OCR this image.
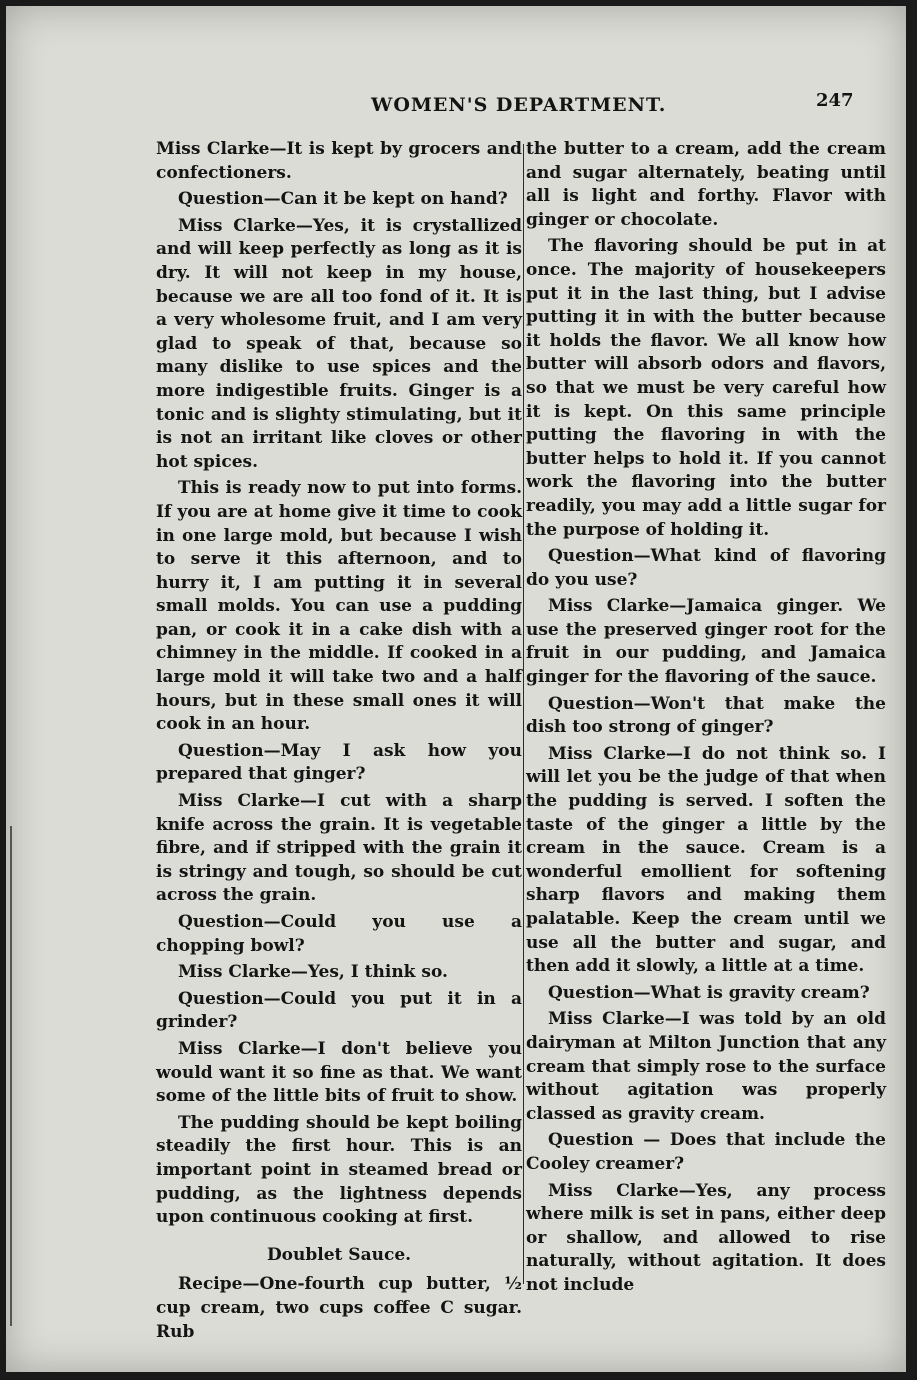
WOMEN'S DEPARTMENT.	247

Miss Clarke—It is kept by grocers and confectioners.

Question—Can it be kept on hand?

Miss Clarke—Yes, it is crystallized and will keep perfectly as long as it is dry. It will not keep in my house, because we are all too fond of it. It is a very wholesome fruit, and I am very glad to speak of that, because so many dislike to use spices and the more indigestible fruits. Ginger is a tonic and is slighty stimulating, but it is not an irritant like cloves or other hot spices.

This is ready now to put into forms. If you are at home give it time to cook in one large mold, but because I wish to serve it this afternoon, and to hurry it, I am putting it in several small molds. You can use a pudding pan, or cook it in a cake dish with a chimney in the middle. If cooked in a large mold it will take two and a half hours, but in these small ones it will cook in an hour.

Question—May I ask how you prepared that ginger?

Miss Clarke—I cut with a sharp knife across the grain. It is vegetable fibre, and if stripped with the grain it is stringy and tough, so should be cut across the grain.

Question—Could you use a chopping bowl?

Miss Clarke—Yes, I think so.

Question—Could you put it in a grinder?

Miss Clarke—I don't believe you would want it so fine as that. We want some of the little bits of fruit to show.

The pudding should be kept boiling steadily the first hour. This is an important point in steamed bread or pudding, as the lightness depends upon continuous cooking at first.

Doublet Sauce.

Recipe—One-fourth cup butter, ½ cup cream, two cups coffee C sugar. Rub

the butter to a cream, add the cream and sugar alternately, beating until all is light and forthy. Flavor with ginger or chocolate.

The flavoring should be put in at once. The majority of housekeepers put it in the last thing, but I advise putting it in with the butter because it holds the flavor. We all know how butter will absorb odors and flavors, so that we must be very careful how it is kept. On this same principle putting the flavoring in with the butter helps to hold it. If you cannot work the flavoring into the butter readily, you may add a little sugar for the purpose of holding it.

Question—What kind of flavoring do you use?

Miss Clarke—Jamaica ginger. We use the preserved ginger root for the fruit in our pudding, and Jamaica ginger for the flavoring of the sauce.

Question—Won't that make the dish too strong of ginger?

Miss Clarke—I do not think so. I will let you be the judge of that when the pudding is served. I soften the taste of the ginger a little by the cream in the sauce. Cream is a wonderful emollient for softening sharp flavors and making them palatable. Keep the cream until we use all the butter and sugar, and then add it slowly, a little at a time.

Question—What is gravity cream?

Miss Clarke—I was told by an old dairyman at Milton Junction that any cream that simply rose to the surface without agitation was properly classed as gravity cream.

Question — Does that include the Cooley creamer?

Miss Clarke—Yes, any process where milk is set in pans, either deep or shallow, and allowed to rise naturally, without agitation. It does not include
